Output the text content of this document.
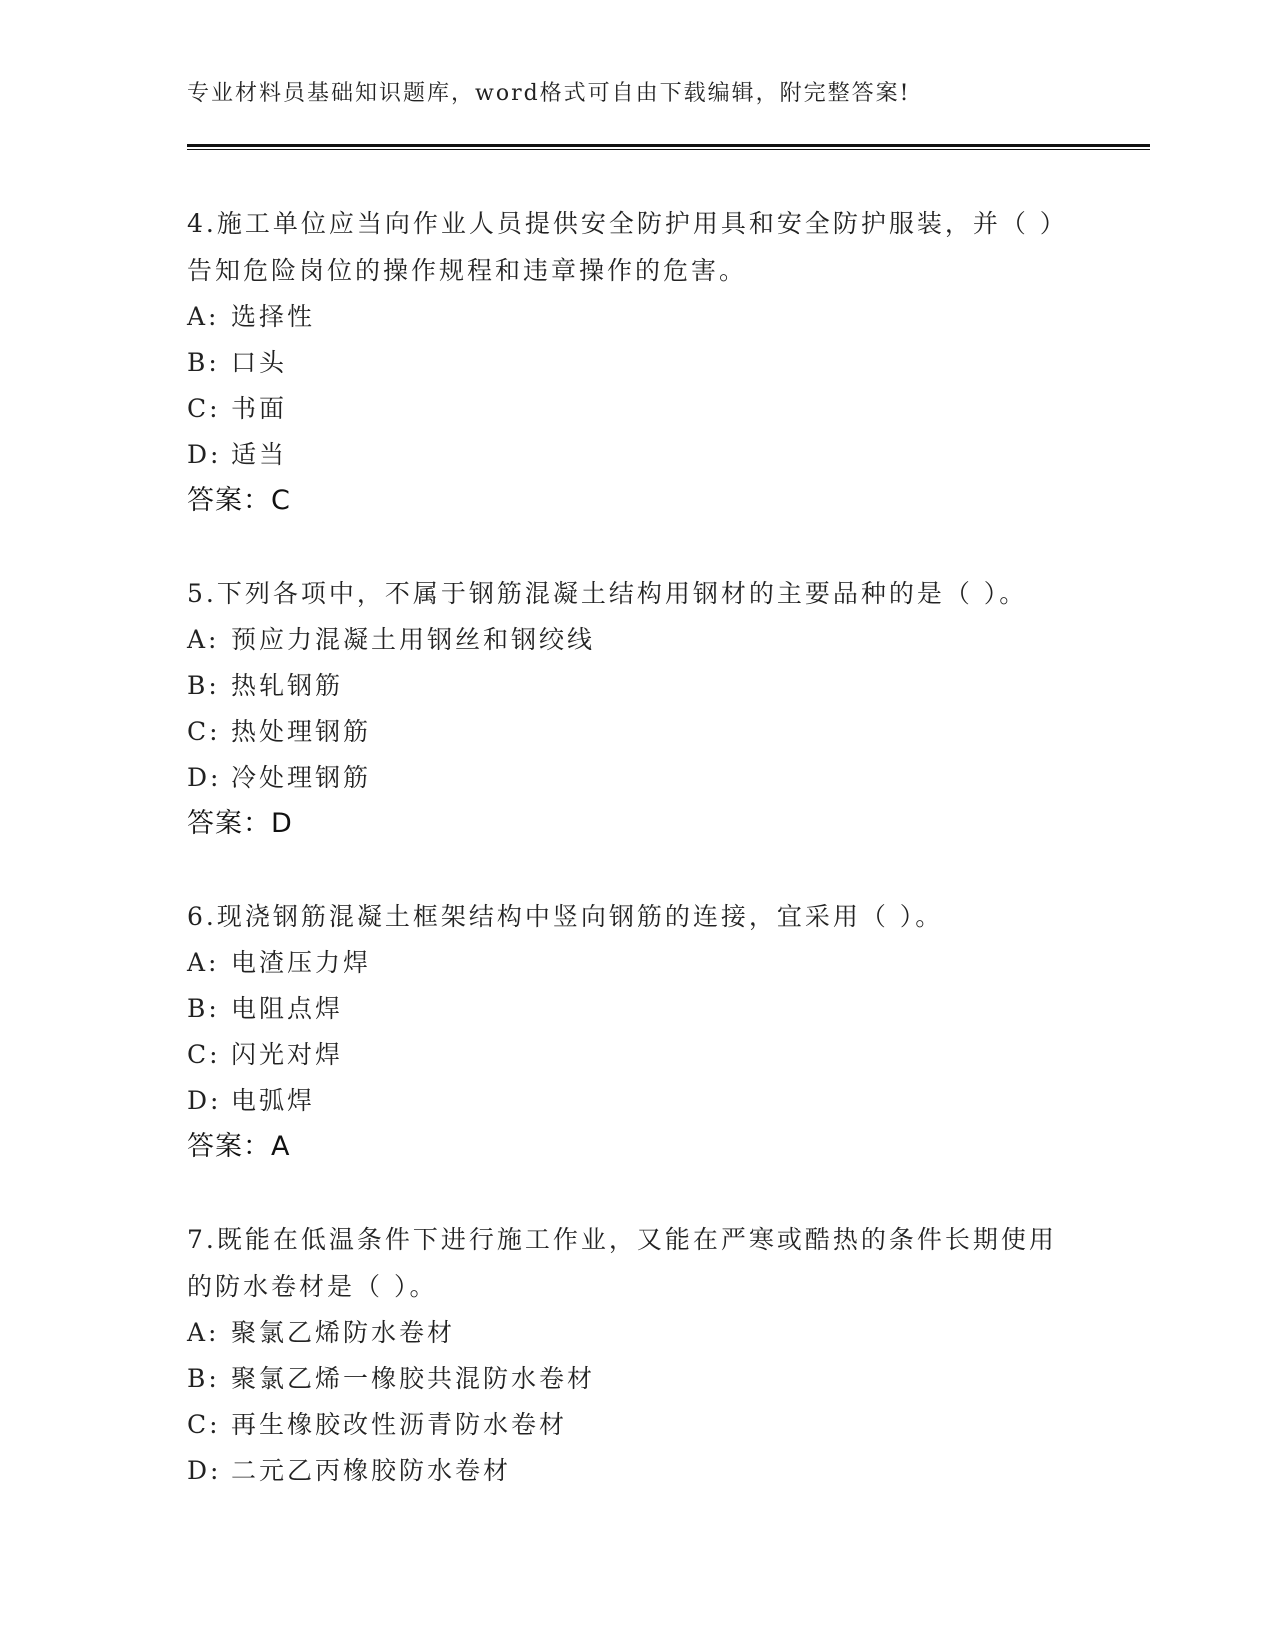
专业材料员基础知识题库，word格式可自由下载编辑，附完整答案!

4.施工单位应当向作业人员提供安全防护用具和安全防护服装，并（ ）告知危险岗位的操作规程和违章操作的危害。

A: 选择性
B: 口头
C: 书面
D: 适当
答案：C

5.下列各项中，不属于钢筋混凝土结构用钢材的主要品种的是（ ）。

A: 预应力混凝土用钢丝和钢绞线
B: 热轧钢筋
C: 热处理钢筋
D: 冷处理钢筋
答案：D

6.现浇钢筋混凝土框架结构中竖向钢筋的连接，宜采用（ ）。

A: 电渣压力焊
B: 电阻点焊
C: 闪光对焊
D: 电弧焊
答案：A

7.既能在低温条件下进行施工作业，又能在严寒或酷热的条件长期使用的防水卷材是（ ）。

A: 聚氯乙烯防水卷材
B: 聚氯乙烯一橡胶共混防水卷材
C: 再生橡胶改性沥青防水卷材
D: 二元乙丙橡胶防水卷材
